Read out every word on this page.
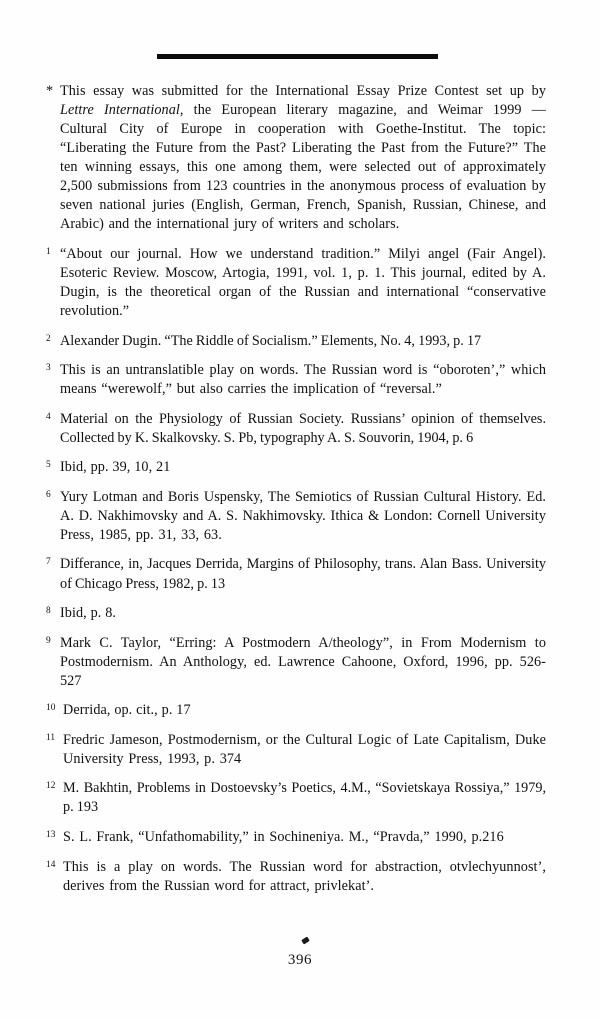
* This essay was submitted for the International Essay Prize Contest set up by Lettre International, the European literary magazine, and Weimar 1999 — Cultural City of Europe in cooperation with Goethe-Institut. The topic: “Liberating the Future from the Past? Liberating the Past from the Future?” The ten winning essays, this one among them, were selected out of approximately 2,500 submissions from 123 countries in the anonymous process of evaluation by seven national juries (English, German, French, Spanish, Russian, Chinese, and Arabic) and the international jury of writers and scholars.
1 “About our journal. How we understand tradition.” Milyi angel (Fair Angel). Esoteric Review. Moscow, Artogia, 1991, vol. 1, p. 1. This journal, edited by A. Dugin, is the theoretical organ of the Russian and international “conservative revolution.”
2 Alexander Dugin. “The Riddle of Socialism.” Elements, No. 4, 1993, p. 17
3 This is an untranslatible play on words. The Russian word is “oboroten’,” which means “werewolf,” but also carries the implication of “reversal.”
4 Material on the Physiology of Russian Society. Russians’ opinion of themselves. Collected by K. Skalkovsky. S. Pb, typography A. S. Souvorin, 1904, p. 6
5 Ibid, pp. 39, 10, 21
6 Yury Lotman and Boris Uspensky, The Semiotics of Russian Cultural History. Ed. A. D. Nakhimovsky and A. S. Nakhimovsky. Ithica & London: Cornell University Press, 1985, pp. 31, 33, 63.
7 Differance, in, Jacques Derrida, Margins of Philosophy, trans. Alan Bass. University of Chicago Press, 1982, p. 13
8 Ibid, p. 8.
9 Mark C. Taylor, “Erring: A Postmodern A/theology”, in From Modernism to Postmodernism. An Anthology, ed. Lawrence Cahoone, Oxford, 1996, pp. 526-527
10 Derrida, op. cit., p. 17
11 Fredric Jameson, Postmodernism, or the Cultural Logic of Late Capitalism, Duke University Press, 1993, p. 374
12 M. Bakhtin, Problems in Dostoevsky’s Poetics, 4.M., “Sovietskaya Rossiya,” 1979, p. 193
13 S. L. Frank, “Unfathomability,” in Sochineniya. M., “Pravda,” 1990, p.216
14 This is a play on words. The Russian word for abstraction, otvlechyunnost’, derives from the Russian word for attract, privlekat’.
396
